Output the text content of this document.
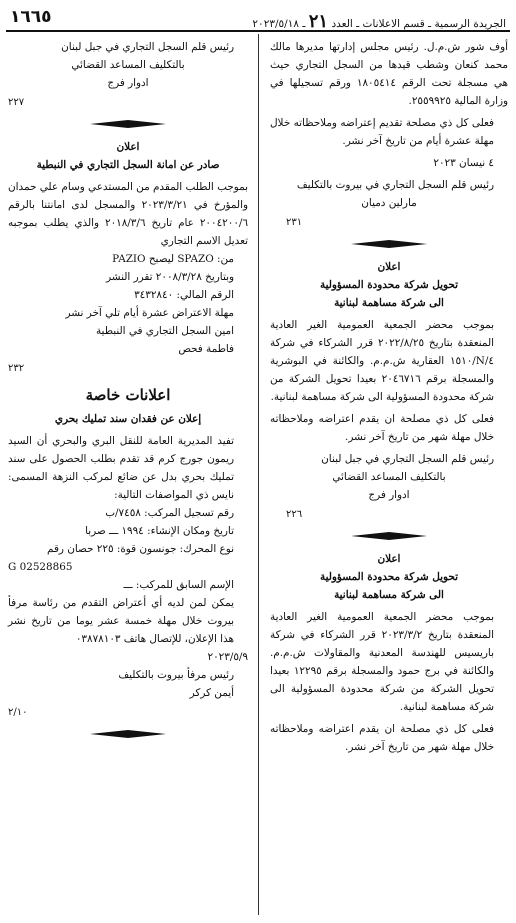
الجريدة الرسمية ـ قسم الاعلانات ـ العدد ٢١ ـ ٢٠٢٣/٥/١٨
١٦٦٥

أوف شور ش.م.ل. رئيس مجلس إدارتها مديرها مالك محمد كنعان وشطب قيدها من السجل التجاري حيث هي مسجلة تحت الرقم ١٨٠٥٤١٤ ورقم تسجيلها في وزارة المالية ٢٥٥٩٩٢٥.

فعلى كل ذي مصلحة تقديم إعتراضه وملاحظاته خلال مهلة عشرة أيام من تاريخ آخر نشر.

٤ نيسان ٢٠٢٣

رئيس قلم السجل التجاري في بيروت بالتكليف

مارلين دميان

٢٣١

اعلان

تحويل شركة محدودة المسؤولية

الى شركة مساهمة لبنانية

بموجب محضر الجمعية العمومية الغير العادية المنعقدة بتاريخ ٢٠٢٢/٨/٢٥ قرر الشركاء في شركة ٤/N/١٥١٠ العقارية ش.م.م. والكائنة في البوشرية والمسجلة برقم ٢٠٤٦٧١٦ بعيدا تحويل الشركة من شركة محدودة المسؤولية الى شركة مساهمة لبنانية.

فعلى كل ذي مصلحة ان يقدم اعتراضه وملاحظاته خلال مهلة شهر من تاريخ آخر نشر.

رئيس قلم السجل التجاري في جبل لبنان

بالتكليف المساعد القضائي

ادوار فرج

٢٢٦

اعلان

تحويل شركة محدودة المسؤولية

الى شركة مساهمة لبنانية

بموجب محضر الجمعية العمومية الغير العادية المنعقدة بتاريخ ٢٠٢٣/٣/٢ قرر الشركاء في شركة باريسيس للهندسة المعدنية والمقاولات ش.م.م. والكائنة في برج حمود والمسجلة برقم ١٢٢٩٥ بعيدا تحويل الشركة من شركة محدودة المسؤولية الى شركة مساهمة لبنانية.

فعلى كل ذي مصلحة ان يقدم اعتراضه وملاحظاته خلال مهلة شهر من تاريخ آخر نشر.

رئيس قلم السجل التجاري في جبل لبنان

بالتكليف المساعد القضائي

ادوار فرج

٢٢٧

اعلان

صادر عن امانة السجل التجاري في النبطية

بموجب الطلب المقدم من المستدعي وسام علي حمدان والمؤرخ في ٢٠٢٣/٣/٢١ والمسجل لدى امانتنا بالرقم ٢٠٠٤٢٠٠/٦ عام تاريخ ٢٠١٨/٣/٦ والذي يطلب بموجبه تعديل الاسم التجاري

من: SPAZO ليصبح PAZIO

وبتاريخ ٢٠٠٨/٣/٢٨ تقرر النشر

الرقم المالي: ٣٤٣٢٨٤٠

مهلة الاعتراض عشرة أيام تلي آخر نشر

امين السجل التجاري في النبطية

فاطمة فحص

٢٣٢

اعلانات خاصة

إعلان عن فقدان سند تمليك بحري

تفيد المديرية العامة للنقل البري والبحري أن السيد ريمون جورج كرم قد تقدم بطلب الحصول على سند تمليك بحري بدل عن ضائع لمركب النزهة المسمى: نايس ذي المواصفات التالية:

رقم تسجيل المركب: ٧٤٥٨/ب

تاريخ ومكان الإنشاء: ١٩٩٤ ـــ صربا

نوع المحرك: جونسون قوة: ٢٢٥ حصان رقم

G 02528865

الإسم السابق للمركب: ـــ

يمكن لمن لديه أي أعتراض التقدم من رئاسة مرفأ بيروت خلال مهلة خمسة عشر يوما من تاريخ نشر هذا الإعلان، للإتصال هاتف ٠٣٨٧٨١٠٣

٢٠٢٣/٥/٩

رئيس مرفأ بيروت بالتكليف

أيمن كركر

٢/١٠
